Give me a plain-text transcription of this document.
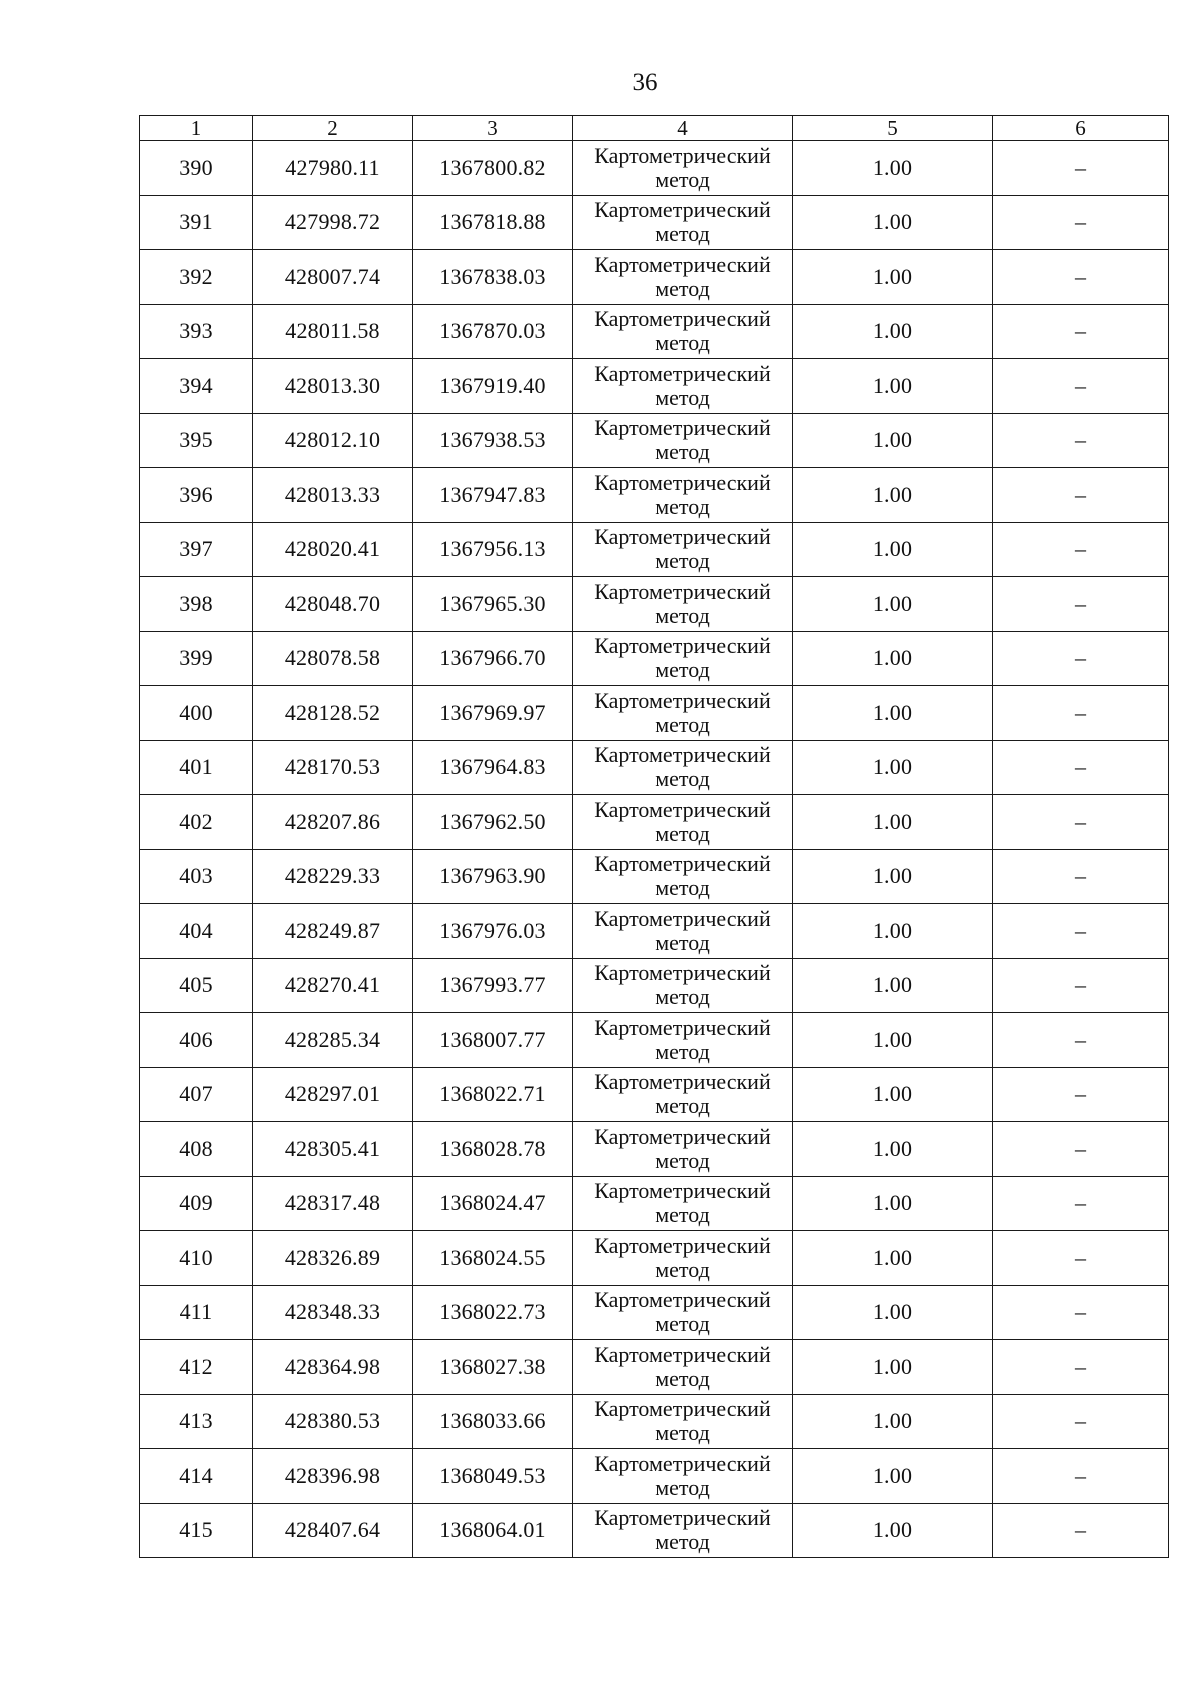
36
1	2	3	4	5	6
390	427980.11	1367800.82	Картометрический
метод	1.00	–
391	427998.72	1367818.88	Картометрический
метод	1.00	–
392	428007.74	1367838.03	Картометрический
метод	1.00	–
393	428011.58	1367870.03	Картометрический
метод	1.00	–
394	428013.30	1367919.40	Картометрический
метод	1.00	–
395	428012.10	1367938.53	Картометрический
метод	1.00	–
396	428013.33	1367947.83	Картометрический
метод	1.00	–
397	428020.41	1367956.13	Картометрический
метод	1.00	–
398	428048.70	1367965.30	Картометрический
метод	1.00	–
399	428078.58	1367966.70	Картометрический
метод	1.00	–
400	428128.52	1367969.97	Картометрический
метод	1.00	–
401	428170.53	1367964.83	Картометрический
метод	1.00	–
402	428207.86	1367962.50	Картометрический
метод	1.00	–
403	428229.33	1367963.90	Картометрический
метод	1.00	–
404	428249.87	1367976.03	Картометрический
метод	1.00	–
405	428270.41	1367993.77	Картометрический
метод	1.00	–
406	428285.34	1368007.77	Картометрический
метод	1.00	–
407	428297.01	1368022.71	Картометрический
метод	1.00	–
408	428305.41	1368028.78	Картометрический
метод	1.00	–
409	428317.48	1368024.47	Картометрический
метод	1.00	–
410	428326.89	1368024.55	Картометрический
метод	1.00	–
411	428348.33	1368022.73	Картометрический
метод	1.00	–
412	428364.98	1368027.38	Картометрический
метод	1.00	–
413	428380.53	1368033.66	Картометрический
метод	1.00	–
414	428396.98	1368049.53	Картометрический
метод	1.00	–
415	428407.64	1368064.01	Картометрический
метод	1.00	–
